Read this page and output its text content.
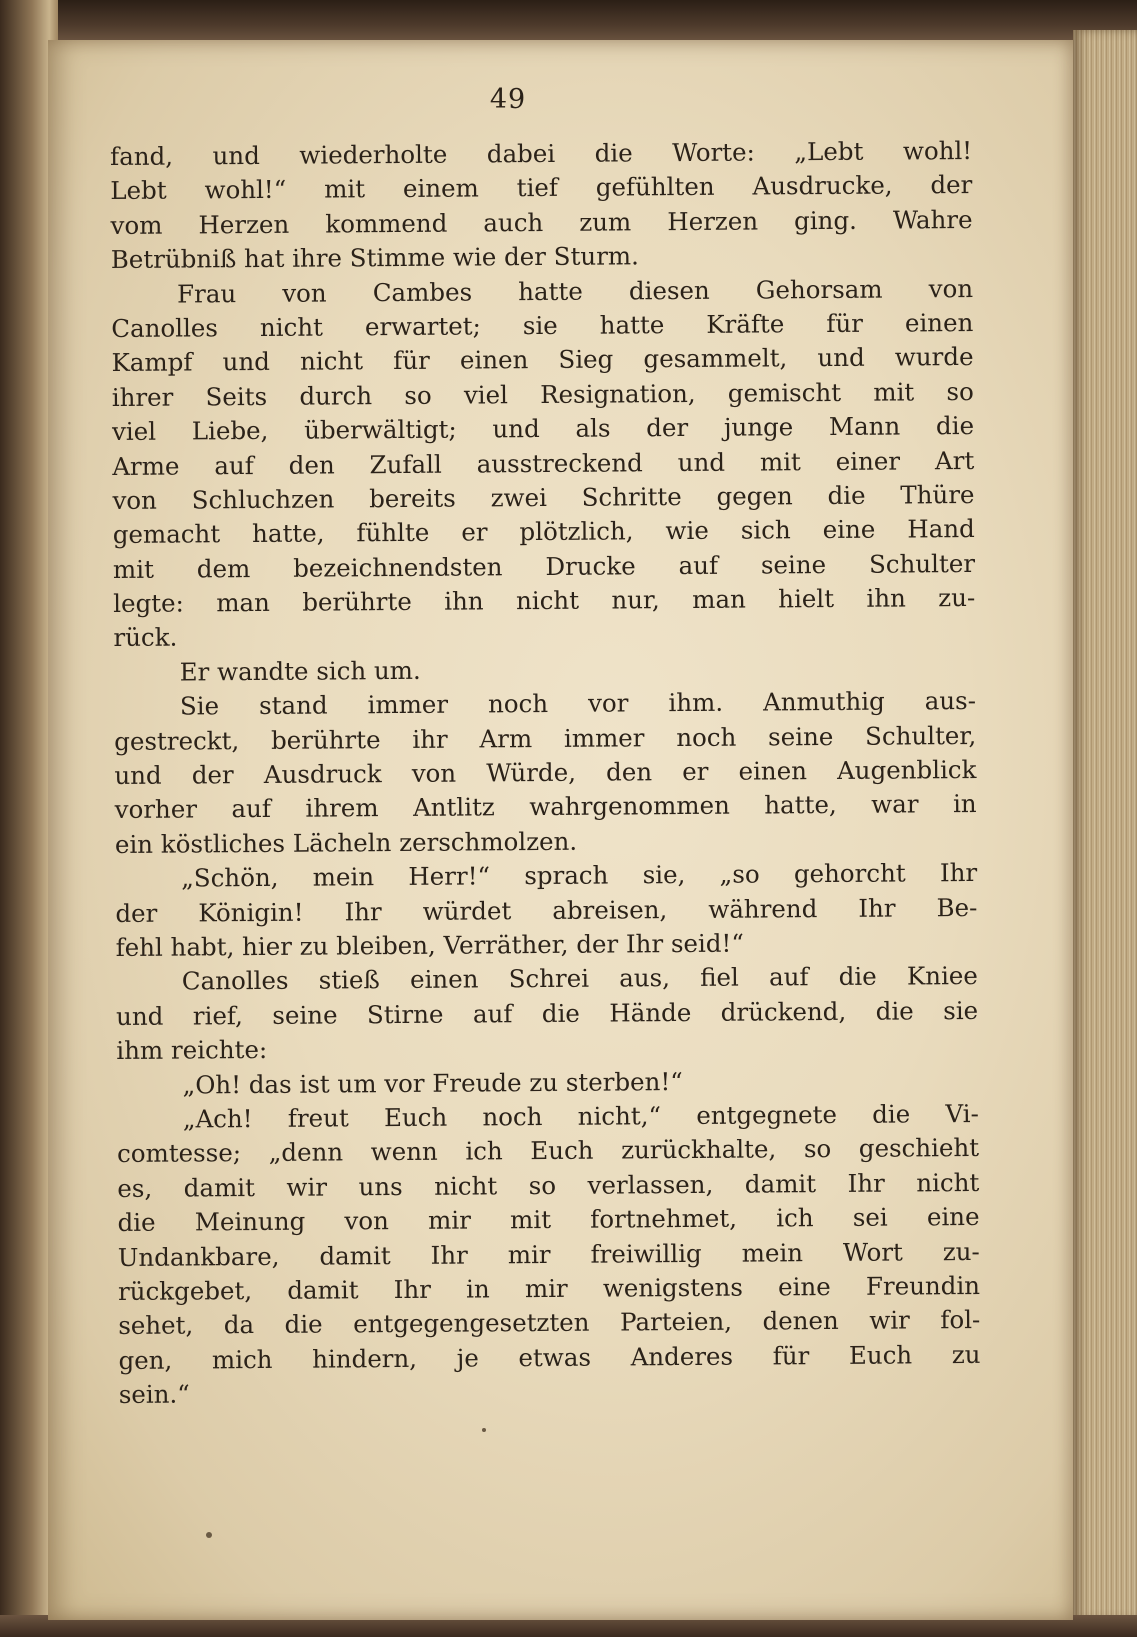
49
fand, und wiederholte dabei die Worte: „Lebt wohl!
Lebt wohl!“ mit einem tief gefühlten Ausdrucke, der
vom Herzen kommend auch zum Herzen ging. Wahre
Betrübniß hat ihre Stimme wie der Sturm.
Frau von Cambes hatte diesen Gehorsam von
Canolles nicht erwartet; sie hatte Kräfte für einen
Kampf und nicht für einen Sieg gesammelt, und wurde
ihrer Seits durch so viel Resignation, gemischt mit so
viel Liebe, überwältigt; und als der junge Mann die
Arme auf den Zufall ausstreckend und mit einer Art
von Schluchzen bereits zwei Schritte gegen die Thüre
gemacht hatte, fühlte er plötzlich, wie sich eine Hand
mit dem bezeichnendsten Drucke auf seine Schulter
legte: man berührte ihn nicht nur, man hielt ihn zu-
rück.
Er wandte sich um.
Sie stand immer noch vor ihm. Anmuthig aus-
gestreckt, berührte ihr Arm immer noch seine Schulter,
und der Ausdruck von Würde, den er einen Augenblick
vorher auf ihrem Antlitz wahrgenommen hatte, war in
ein köstliches Lächeln zerschmolzen.
„Schön, mein Herr!“ sprach sie, „so gehorcht Ihr
der Königin! Ihr würdet abreisen, während Ihr Be-
fehl habt, hier zu bleiben, Verräther, der Ihr seid!“
Canolles stieß einen Schrei aus, fiel auf die Kniee
und rief, seine Stirne auf die Hände drückend, die sie
ihm reichte:
„Oh! das ist um vor Freude zu sterben!“
„Ach! freut Euch noch nicht,“ entgegnete die Vi-
comtesse; „denn wenn ich Euch zurückhalte, so geschieht
es, damit wir uns nicht so verlassen, damit Ihr nicht
die Meinung von mir mit fortnehmet, ich sei eine
Undankbare, damit Ihr mir freiwillig mein Wort zu-
rückgebet, damit Ihr in mir wenigstens eine Freundin
sehet, da die entgegengesetzten Parteien, denen wir fol-
gen, mich hindern, je etwas Anderes für Euch zu
sein.“
